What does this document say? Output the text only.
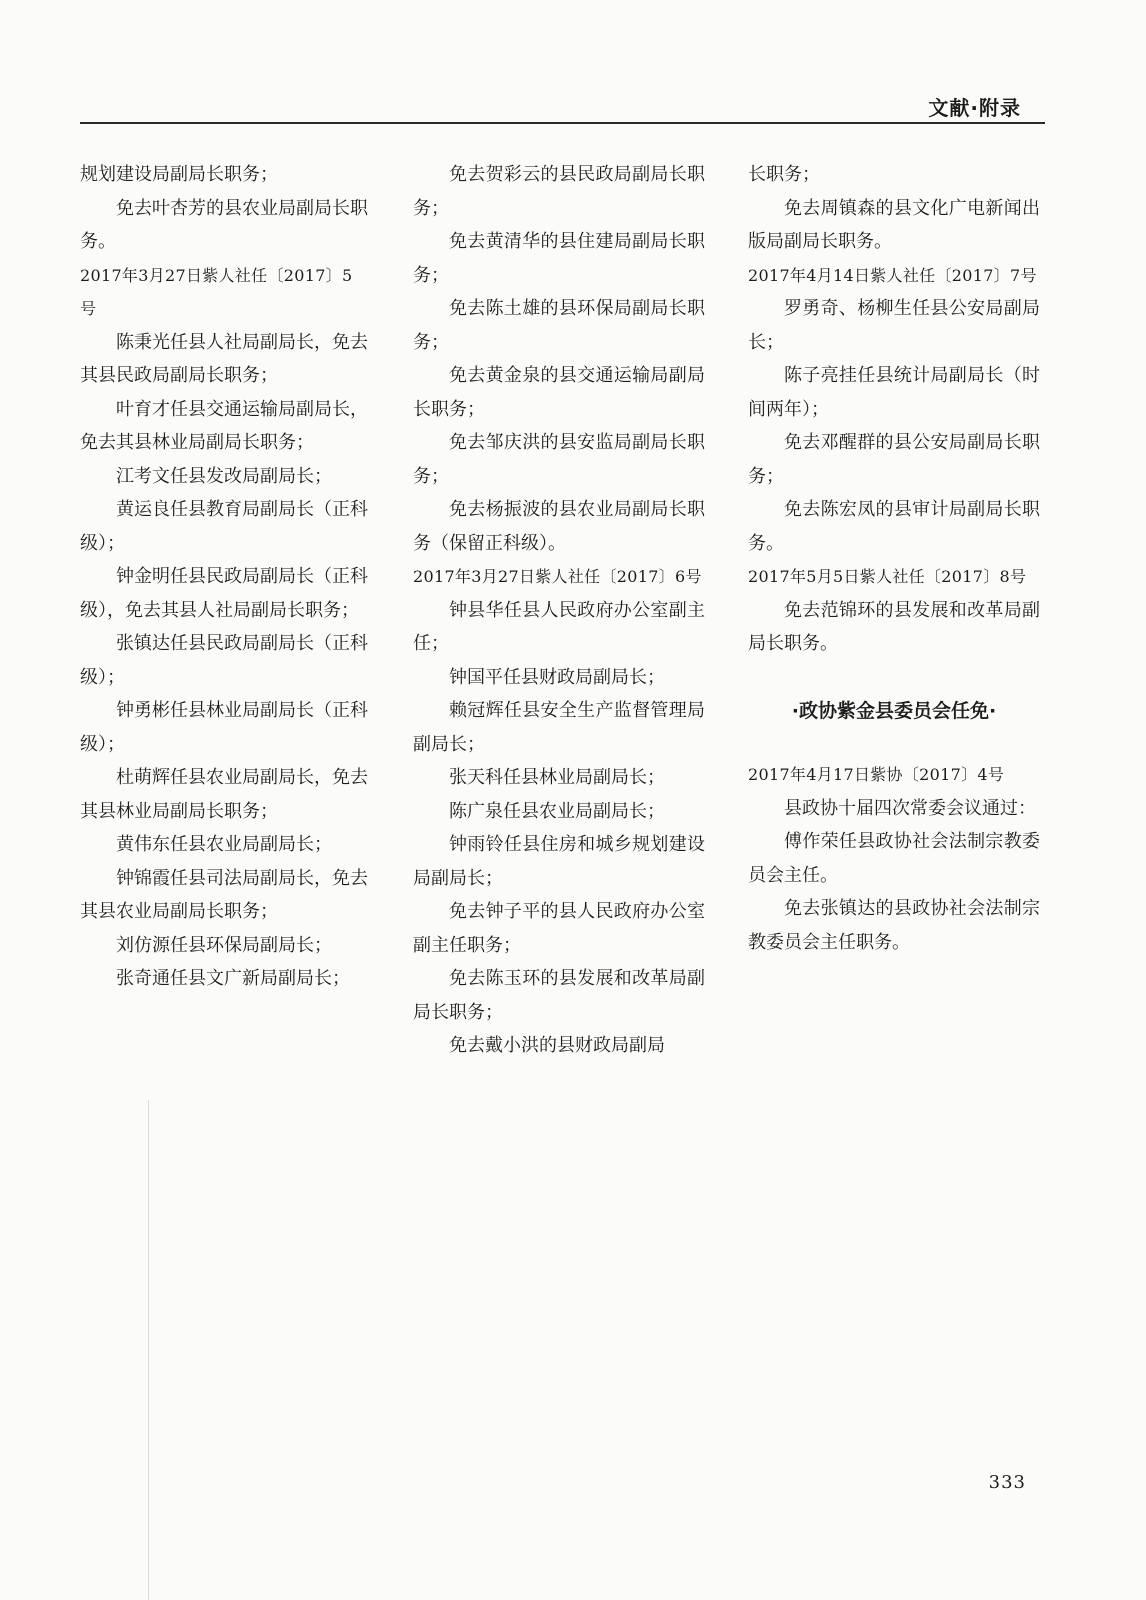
文献·附录

规划建设局副局长职务；

免去叶杏芳的县农业局副局长职务。

2017年3月27日紫人社任〔2017〕5号

陈秉光任县人社局副局长，免去其县民政局副局长职务；

叶育才任县交通运输局副局长，免去其县林业局副局长职务；

江考文任县发改局副局长；

黄运良任县教育局副局长（正科级）；

钟金明任县民政局副局长（正科级），免去其县人社局副局长职务；

张镇达任县民政局副局长（正科级）；

钟勇彬任县林业局副局长（正科级）；

杜萌辉任县农业局副局长，免去其县林业局副局长职务；

黄伟东任县农业局副局长；

钟锦霞任县司法局副局长，免去其县农业局副局长职务；

刘仿源任县环保局副局长；

张奇通任县文广新局副局长；

免去贺彩云的县民政局副局长职务；

免去黄清华的县住建局副局长职务；

免去陈土雄的县环保局副局长职务；

免去黄金泉的县交通运输局副局长职务；

免去邹庆洪的县安监局副局长职务；

免去杨振波的县农业局副局长职务（保留正科级）。

2017年3月27日紫人社任〔2017〕6号

钟县华任县人民政府办公室副主任；

钟国平任县财政局副局长；

赖冠辉任县安全生产监督管理局副局长；

张天科任县林业局副局长；

陈广泉任县农业局副局长；

钟雨铃任县住房和城乡规划建设局副局长；

免去钟子平的县人民政府办公室副主任职务；

免去陈玉环的县发展和改革局副局长职务；

免去戴小洪的县财政局副局

长职务；

免去周镇森的县文化广电新闻出版局副局长职务。

2017年4月14日紫人社任〔2017〕7号

罗勇奇、杨柳生任县公安局副局长；

陈子亮挂任县统计局副局长（时间两年）；

免去邓醒群的县公安局副局长职务；

免去陈宏凤的县审计局副局长职务。

2017年5月5日紫人社任〔2017〕8号

免去范锦环的县发展和改革局副局长职务。

·政协紫金县委员会任免·

2017年4月17日紫协〔2017〕4号

县政协十届四次常委会议通过：

傅作荣任县政协社会法制宗教委员会主任。

免去张镇达的县政协社会法制宗教委员会主任职务。

333
